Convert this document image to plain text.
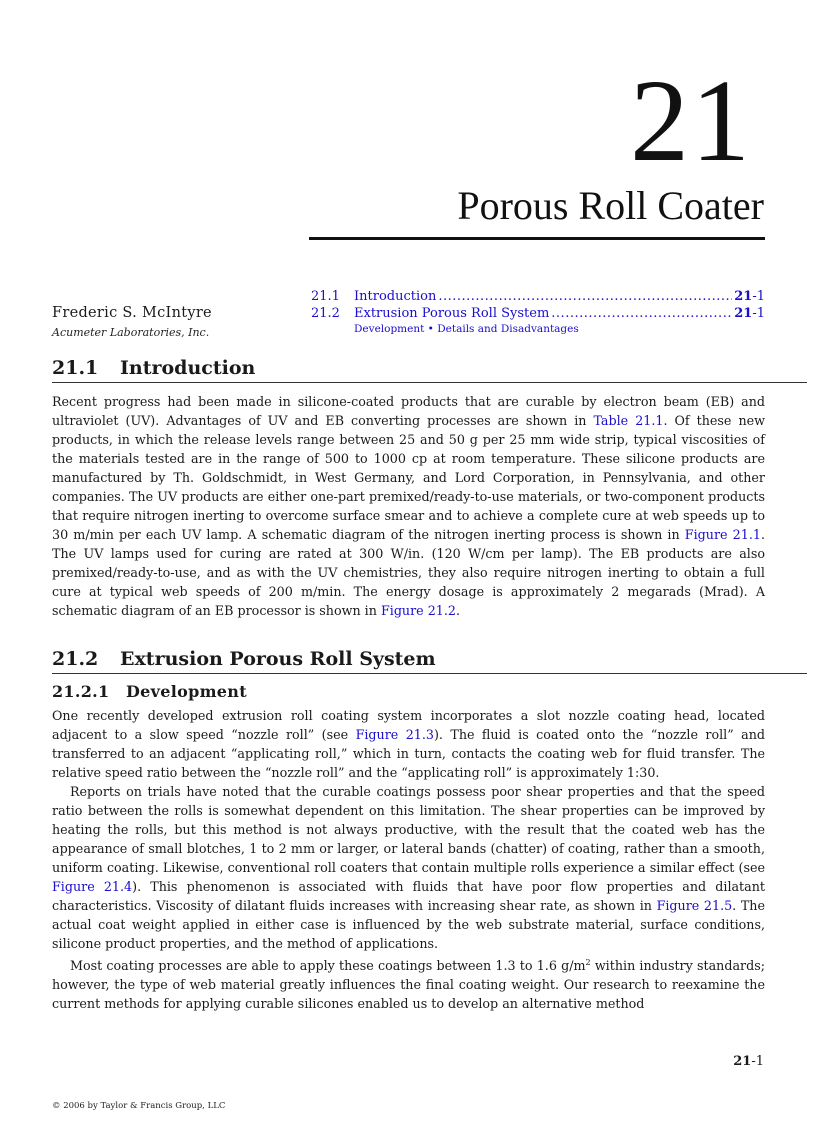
21
Porous Roll Coater
Frederic S. McIntyre
Acumeter Laboratories, Inc.
21.1	Introduction .....	21-1
21.2	Extrusion Porous Roll System .....	21-1
Development • Details and Disadvantages
21.1 Introduction
Recent progress had been made in silicone-coated products that are curable by electron beam (EB) and ultraviolet (UV). Advantages of UV and EB converting processes are shown in Table 21.1. Of these new products, in which the release levels range between 25 and 50 g per 25 mm wide strip, typical viscosities of the materials tested are in the range of 500 to 1000 cp at room temperature. These silicone products are manufactured by Th. Goldschmidt, in West Germany, and Lord Corporation, in Pennsylvania, and other companies. The UV products are either one-part premixed/ready-to-use materials, or two-component products that require nitrogen inerting to overcome surface smear and to achieve a complete cure at web speeds up to 30 m/min per each UV lamp. A schematic diagram of the nitrogen inerting process is shown in Figure 21.1. The UV lamps used for curing are rated at 300 W/in. (120 W/cm per lamp). The EB products are also premixed/ready-to-use, and as with the UV chemistries, they also require nitrogen inerting to obtain a full cure at typical web speeds of 200 m/min. The energy dosage is approximately 2 megarads (Mrad). A schematic diagram of an EB processor is shown in Figure 21.2.
21.2 Extrusion Porous Roll System
21.2.1 Development
One recently developed extrusion roll coating system incorporates a slot nozzle coating head, located adjacent to a slow speed “nozzle roll” (see Figure 21.3). The fluid is coated onto the “nozzle roll” and transferred to an adjacent “applicating roll,” which in turn, contacts the coating web for fluid transfer. The relative speed ratio between the “nozzle roll” and the “applicating roll” is approximately 1:30.
Reports on trials have noted that the curable coatings possess poor shear properties and that the speed ratio between the rolls is somewhat dependent on this limitation. The shear properties can be improved by heating the rolls, but this method is not always productive, with the result that the coated web has the appearance of small blotches, 1 to 2 mm or larger, or lateral bands (chatter) of coating, rather than a smooth, uniform coating. Likewise, conventional roll coaters that contain multiple rolls experience a similar effect (see Figure 21.4). This phenomenon is associated with fluids that have poor flow properties and dilatant characteristics. Viscosity of dilatant fluids increases with increasing shear rate, as shown in Figure 21.5. The actual coat weight applied in either case is influenced by the web substrate material, surface conditions, silicone product properties, and the method of applications.
Most coating processes are able to apply these coatings between 1.3 to 1.6 $g/m^2$ within industry standards; however, the type of web material greatly influences the final coating weight. Our research to reexamine the current methods for applying curable silicones enabled us to develop an alternative method
21-1
© 2006 by Taylor & Francis Group, LLC
